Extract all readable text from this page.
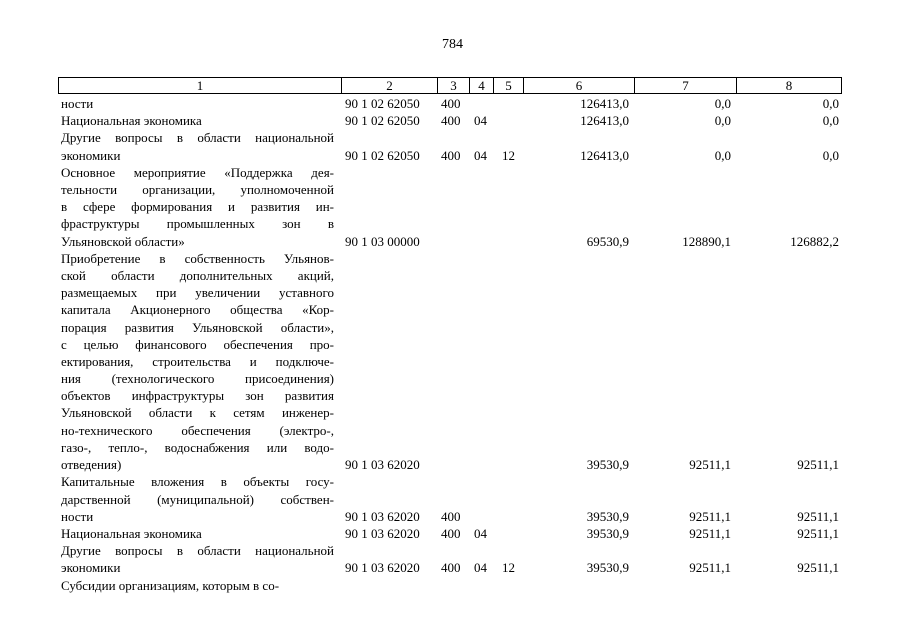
784
1	2	3	4	5	6	7	8
ности	90 1 02 62050 400	126413,0	0,0	0,0
Национальная экономика	90 1 02 62050 400 04	126413,0	0,0	0,0
Другие вопросы в области национальной
экономики	90 1 02 62050 400 04 12	126413,0	0,0	0,0
Основное мероприятие «Поддержка дея-
тельности организации, уполномоченной
в сфере формирования и развития ин-
фраструктуры промышленных зон в
Ульяновской области»	90 1 03 00000	69530,9	128890,1	126882,2
Приобретение в собственность Ульянов-
ской области дополнительных акций,
размещаемых при увеличении уставного
капитала Акционерного общества «Кор-
порация развития Ульяновской области»,
с целью финансового обеспечения про-
ектирования, строительства и подключе-
ния (технологического присоединения)
объектов инфраструктуры зон развития
Ульяновской области к сетям инженер-
но-технического обеспечения (электро-,
газо-, тепло-, водоснабжения или водо-
отведения)	90 1 03 62020	39530,9	92511,1	92511,1
Капитальные вложения в объекты госу-
дарственной (муниципальной) собствен-
ности	90 1 03 62020 400	39530,9	92511,1	92511,1
Национальная экономика	90 1 03 62020 400 04	39530,9	92511,1	92511,1
Другие вопросы в области национальной
экономики	90 1 03 62020 400 04 12	39530,9	92511,1	92511,1
Субсидии организациям, которым в со-
